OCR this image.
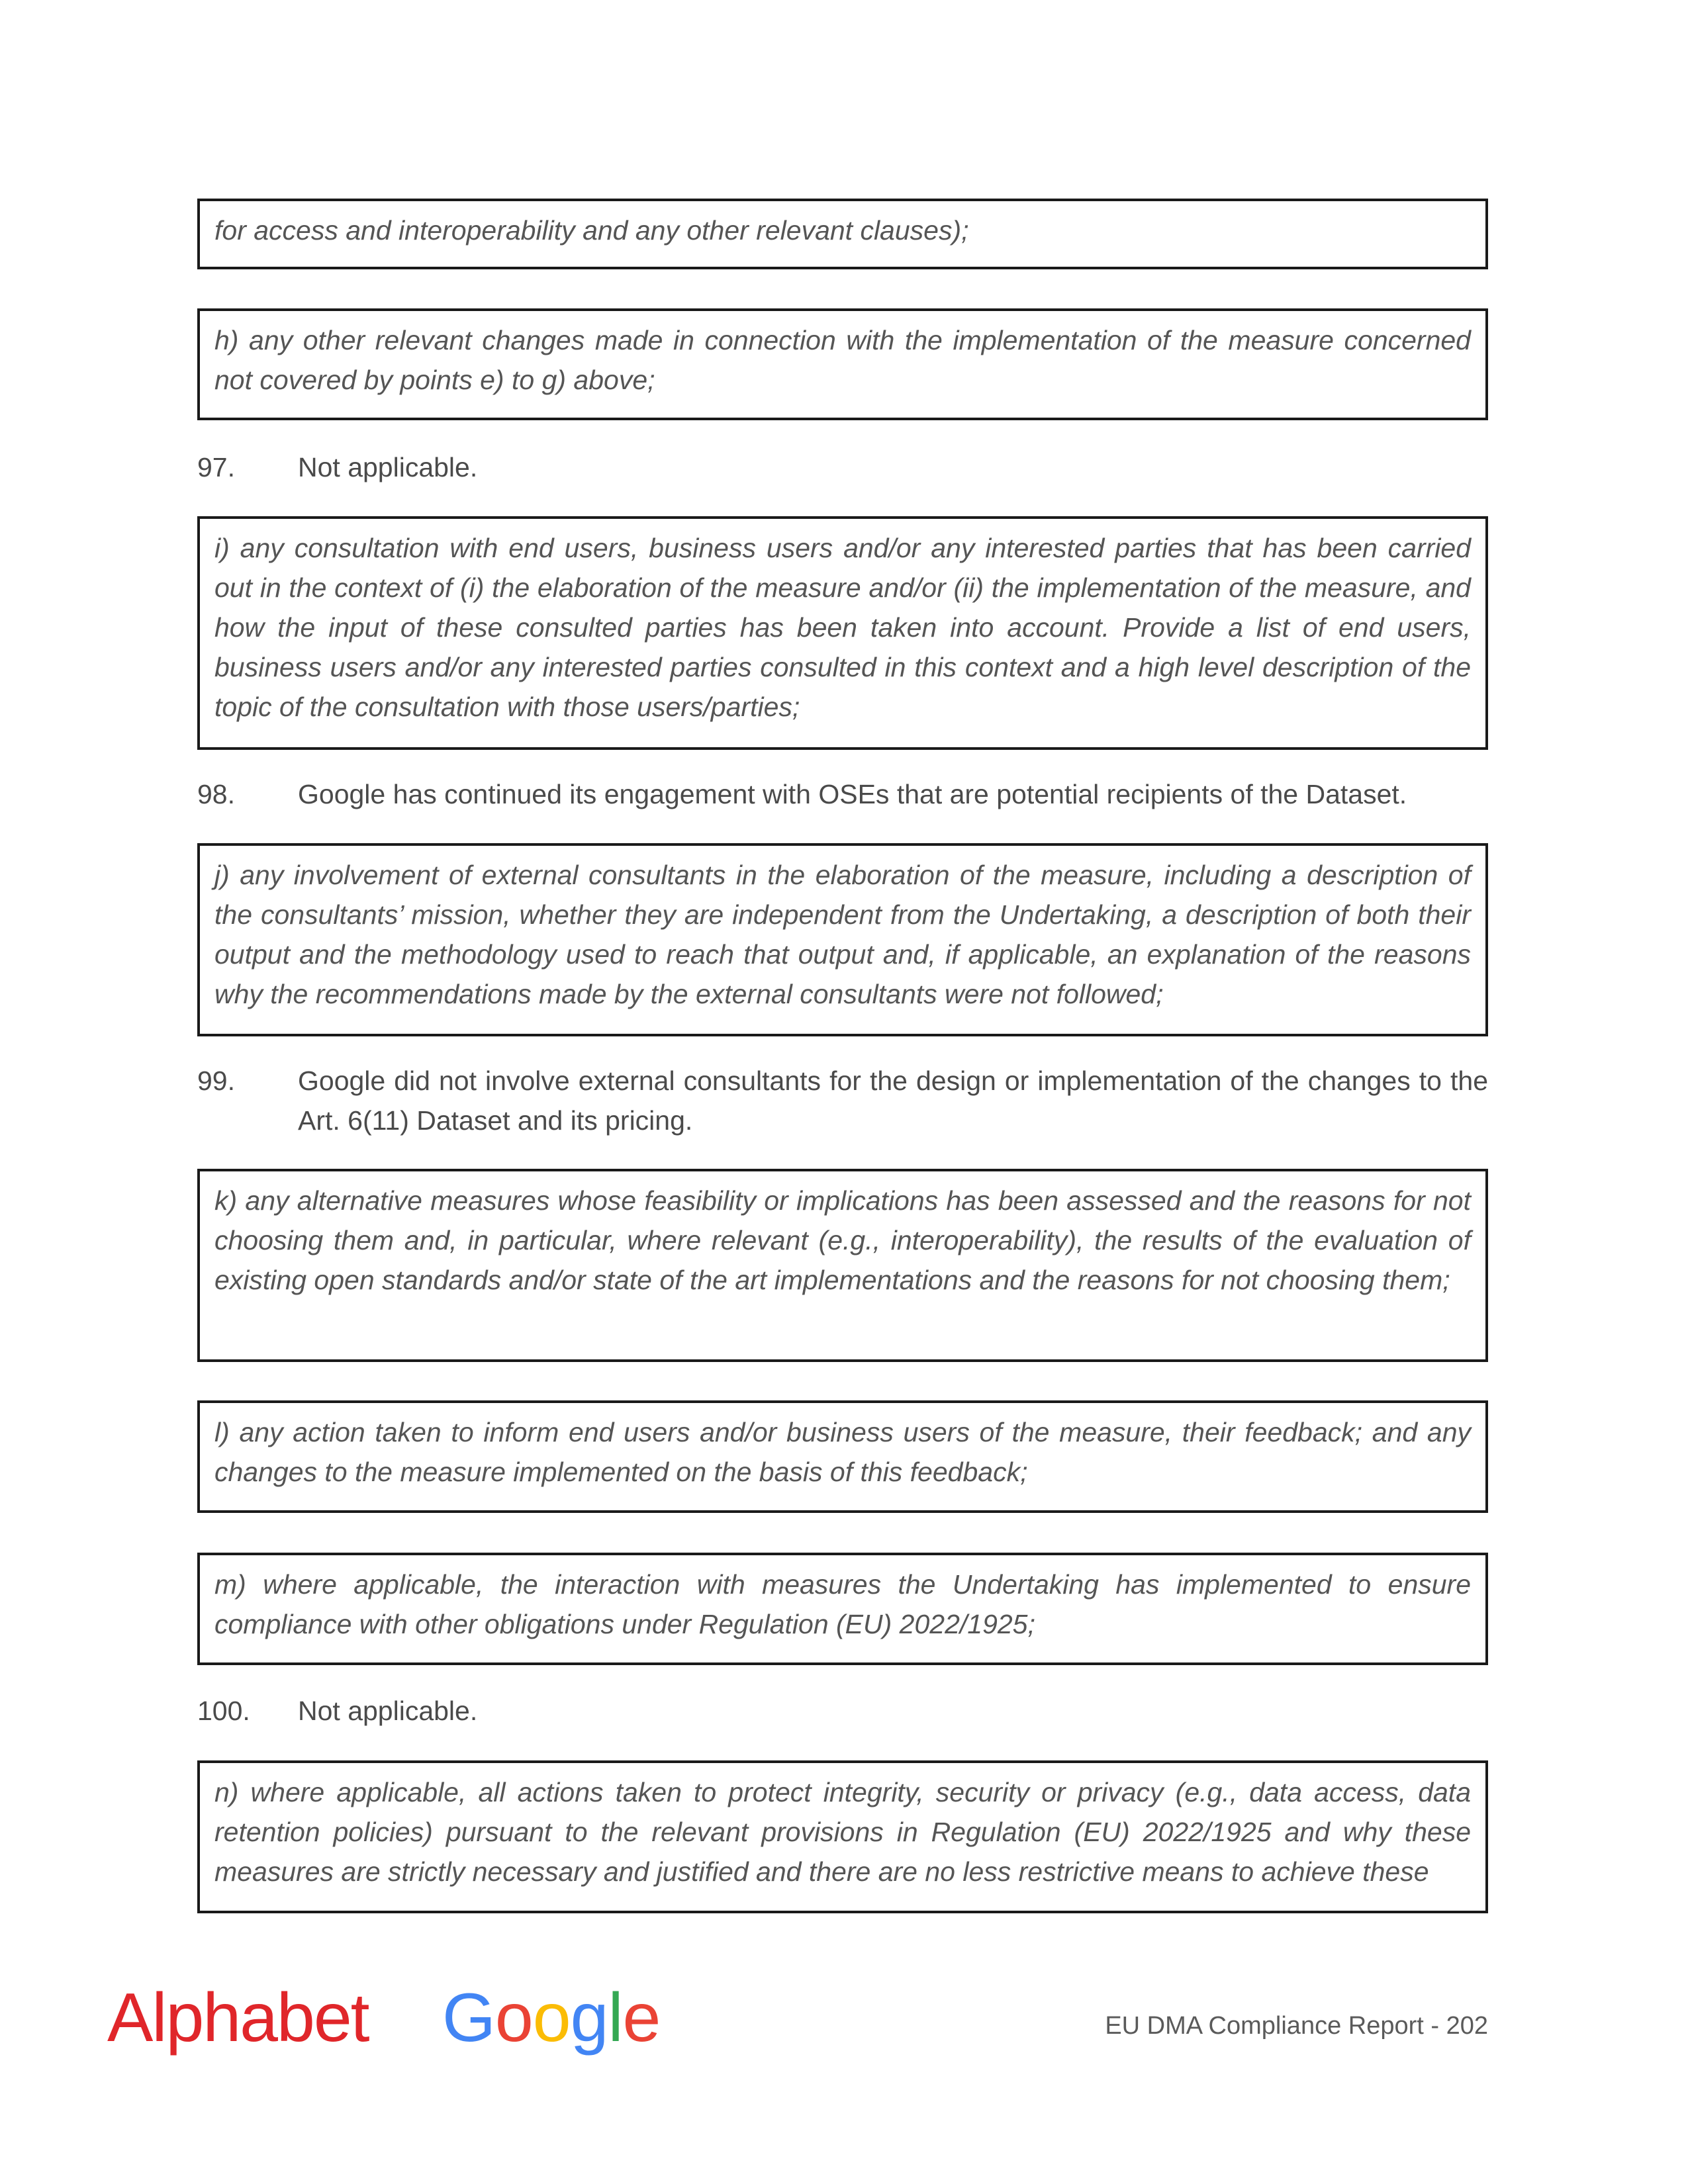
for access and interoperability and any other relevant clauses);
h) any other relevant changes made in connection with the implementation of the measure concerned not covered by points e) to g) above;
97. Not applicable.
i) any consultation with end users, business users and/or any interested parties that has been carried out in the context of (i) the elaboration of the measure and/or (ii) the implementation of the measure, and how the input of these consulted parties has been taken into account. Provide a list of end users, business users and/or any interested parties consulted in this context and a high level description of the topic of the consultation with those users/parties;
98. Google has continued its engagement with OSEs that are potential recipients of the Dataset.
j) any involvement of external consultants in the elaboration of the measure, including a description of the consultants’ mission, whether they are independent from the Undertaking, a description of both their output and the methodology used to reach that output and, if applicable, an explanation of the reasons why the recommendations made by the external consultants were not followed;
99. Google did not involve external consultants for the design or implementation of the changes to the Art. 6(11) Dataset and its pricing.
k) any alternative measures whose feasibility or implications has been assessed and the reasons for not choosing them and, in particular, where relevant (e.g., interoperability), the results of the evaluation of existing open standards and/or state of the art implementations and the reasons for not choosing them;
l) any action taken to inform end users and/or business users of the measure, their feedback; and any changes to the measure implemented on the basis of this feedback;
m) where applicable, the interaction with measures the Undertaking has implemented to ensure compliance with other obligations under Regulation (EU) 2022/1925;
100. Not applicable.
n) where applicable, all actions taken to protect integrity, security or privacy (e.g., data access, data retention policies) pursuant to the relevant provisions in Regulation (EU) 2022/1925 and why these measures are strictly necessary and justified and there are no less restrictive means to achieve these
Alphabet Google	EU DMA Compliance Report - 202
